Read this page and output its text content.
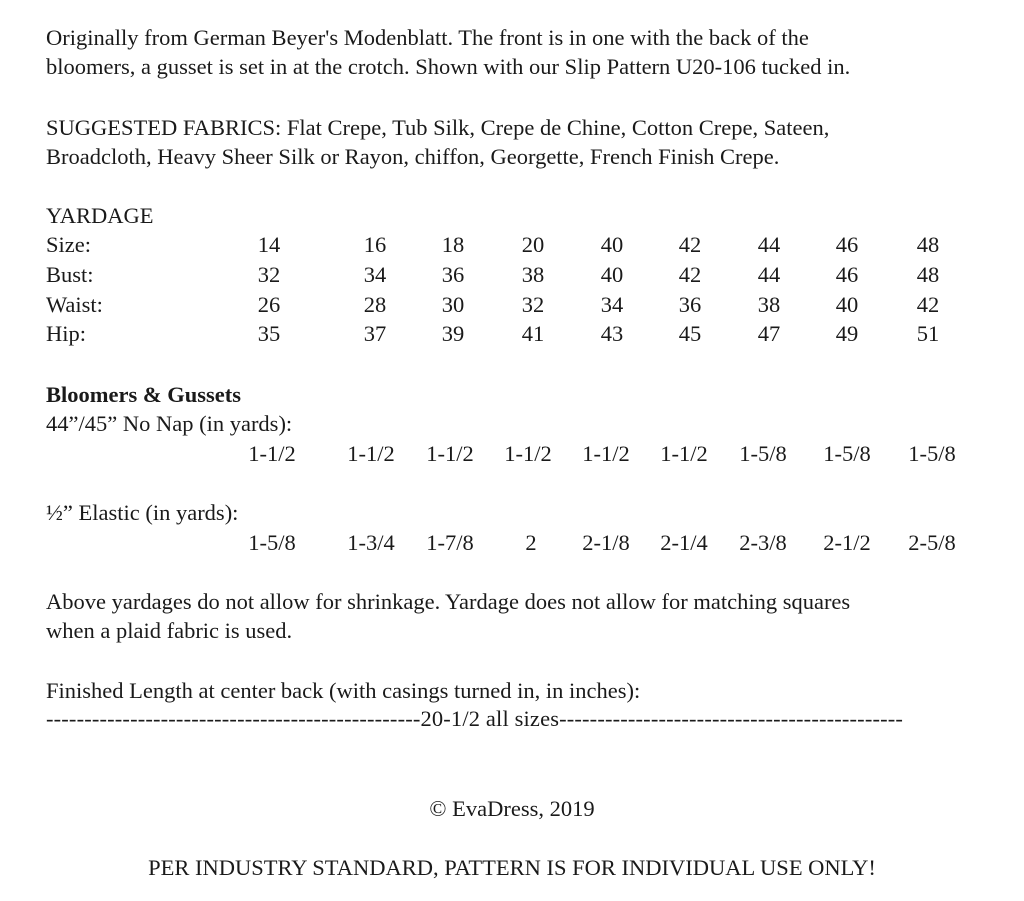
Originally from German Beyer's Modenblatt. The front is in one with the back of the
bloomers, a gusset is set in at the crotch. Shown with our Slip Pattern U20-106 tucked in.
SUGGESTED FABRICS: Flat Crepe, Tub Silk, Crepe de Chine, Cotton Crepe, Sateen,
Broadcloth, Heavy Sheer Silk or Rayon, chiffon, Georgette, French Finish Crepe.
YARDAGE
Size:	14	16 18	20	40 42	44 46	48
Bust:	32	34 36	38	40 42	44 46	48
Waist:	26	28 30	32	34 36	38 40	42
Hip:	35	37 39	41	43 45	47 49	51
Bloomers & Gussets
44”/45” No Nap (in yards):
1-1/2 1-1/2 1-1/2 1-1/2 1-1/2 1-1/2 1-5/8 1-5/8 1-5/8
½” Elastic (in yards):
1-5/8 1-3/4 1-7/8 2 2-1/8 2-1/4 2-3/8 2-1/2 2-5/8
Above yardages do not allow for shrinkage. Yardage does not allow for matching squares
when a plaid fabric is used.
Finished Length at center back (with casings turned in, in inches):
-------------------------------------------------20-1/2 all sizes---------------------------------------------
© EvaDress, 2019
PER INDUSTRY STANDARD, PATTERN IS FOR INDIVIDUAL USE ONLY!
